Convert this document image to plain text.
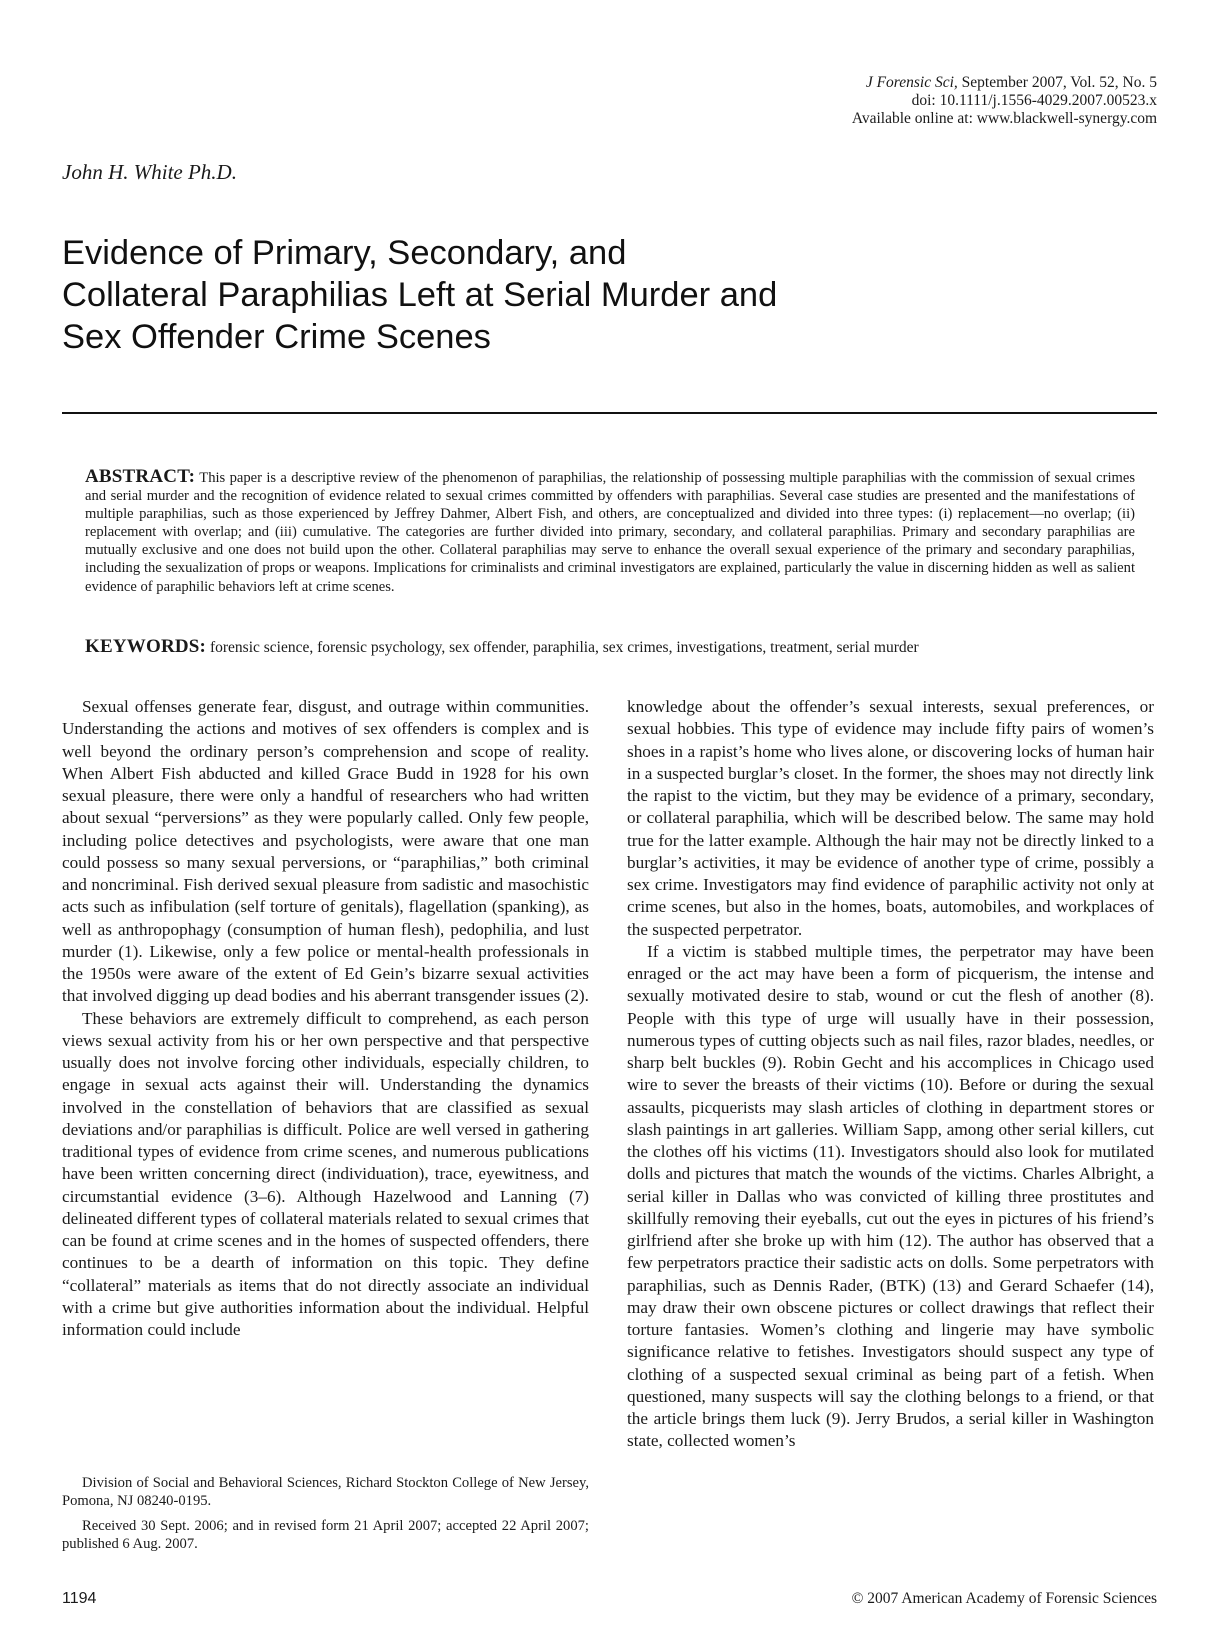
J Forensic Sci, September 2007, Vol. 52, No. 5
doi: 10.1111/j.1556-4029.2007.00523.x
Available online at: www.blackwell-synergy.com
John H. White Ph.D.
Evidence of Primary, Secondary, and
Collateral Paraphilias Left at Serial Murder and
Sex Offender Crime Scenes

ABSTRACT: This paper is a descriptive review of the phenomenon of paraphilias, the relationship of possessing multiple paraphilias with the commission of sexual crimes and serial murder and the recognition of evidence related to sexual crimes committed by offenders with paraphilias. Several case studies are presented and the manifestations of multiple paraphilias, such as those experienced by Jeffrey Dahmer, Albert Fish, and others, are conceptualized and divided into three types: (i) replacement—no overlap; (ii) replacement with overlap; and (iii) cumulative. The categories are further divided into primary, secondary, and collateral paraphilias. Primary and secondary paraphilias are mutually exclusive and one does not build upon the other. Collateral paraphilias may serve to enhance the overall sexual experience of the primary and secondary paraphilias, including the sexualization of props or weapons. Implications for criminalists and criminal investigators are explained, particularly the value in discerning hidden as well as salient evidence of paraphilic behaviors left at crime scenes.

KEYWORDS: forensic science, forensic psychology, sex offender, paraphilia, sex crimes, investigations, treatment, serial murder

Sexual offenses generate fear, disgust, and outrage within communities. Understanding the actions and motives of sex offenders is complex and is well beyond the ordinary person’s comprehension and scope of reality. When Albert Fish abducted and killed Grace Budd in 1928 for his own sexual pleasure, there were only a handful of researchers who had written about sexual “perversions” as they were popularly called. Only few people, including police detectives and psychologists, were aware that one man could possess so many sexual perversions, or “paraphilias,” both criminal and noncriminal. Fish derived sexual pleasure from sadistic and masochistic acts such as infibulation (self torture of genitals), flagellation (spanking), as well as anthropophagy (consumption of human flesh), pedophilia, and lust murder (1). Likewise, only a few police or mental-health professionals in the 1950s were aware of the extent of Ed Gein’s bizarre sexual activities that involved digging up dead bodies and his aberrant transgender issues (2).

These behaviors are extremely difficult to comprehend, as each person views sexual activity from his or her own perspective and that perspective usually does not involve forcing other individuals, especially children, to engage in sexual acts against their will. Understanding the dynamics involved in the constellation of behaviors that are classified as sexual deviations and/or paraphilias is difficult. Police are well versed in gathering traditional types of evidence from crime scenes, and numerous publications have been written concerning direct (individuation), trace, eyewitness, and circumstantial evidence (3–6). Although Hazelwood and Lanning (7) delineated different types of collateral materials related to sexual crimes that can be found at crime scenes and in the homes of suspected offenders, there continues to be a dearth of information on this topic. They define “collateral” materials as items that do not directly associate an individual with a crime but give authorities information about the individual. Helpful information could include

knowledge about the offender’s sexual interests, sexual preferences, or sexual hobbies. This type of evidence may include fifty pairs of women’s shoes in a rapist’s home who lives alone, or discovering locks of human hair in a suspected burglar’s closet. In the former, the shoes may not directly link the rapist to the victim, but they may be evidence of a primary, secondary, or collateral paraphilia, which will be described below. The same may hold true for the latter example. Although the hair may not be directly linked to a burglar’s activities, it may be evidence of another type of crime, possibly a sex crime. Investigators may find evidence of paraphilic activity not only at crime scenes, but also in the homes, boats, automobiles, and workplaces of the suspected perpetrator.

If a victim is stabbed multiple times, the perpetrator may have been enraged or the act may have been a form of picquerism, the intense and sexually motivated desire to stab, wound or cut the flesh of another (8). People with this type of urge will usually have in their possession, numerous types of cutting objects such as nail files, razor blades, needles, or sharp belt buckles (9). Robin Gecht and his accomplices in Chicago used wire to sever the breasts of their victims (10). Before or during the sexual assaults, picquerists may slash articles of clothing in department stores or slash paintings in art galleries. William Sapp, among other serial killers, cut the clothes off his victims (11). Investigators should also look for mutilated dolls and pictures that match the wounds of the victims. Charles Albright, a serial killer in Dallas who was convicted of killing three prostitutes and skillfully removing their eyeballs, cut out the eyes in pictures of his friend’s girlfriend after she broke up with him (12). The author has observed that a few perpetrators practice their sadistic acts on dolls. Some perpetrators with paraphilias, such as Dennis Rader, (BTK) (13) and Gerard Schaefer (14), may draw their own obscene pictures or collect drawings that reflect their torture fantasies. Women’s clothing and lingerie may have symbolic significance relative to fetishes. Investigators should suspect any type of clothing of a suspected sexual criminal as being part of a fetish. When questioned, many suspects will say the clothing belongs to a friend, or that the article brings them luck (9). Jerry Brudos, a serial killer in Washington state, collected women’s

Division of Social and Behavioral Sciences, Richard Stockton College of New Jersey, Pomona, NJ 08240-0195.

Received 30 Sept. 2006; and in revised form 21 April 2007; accepted 22 April 2007; published 6 Aug. 2007.

1194	© 2007 American Academy of Forensic Sciences
